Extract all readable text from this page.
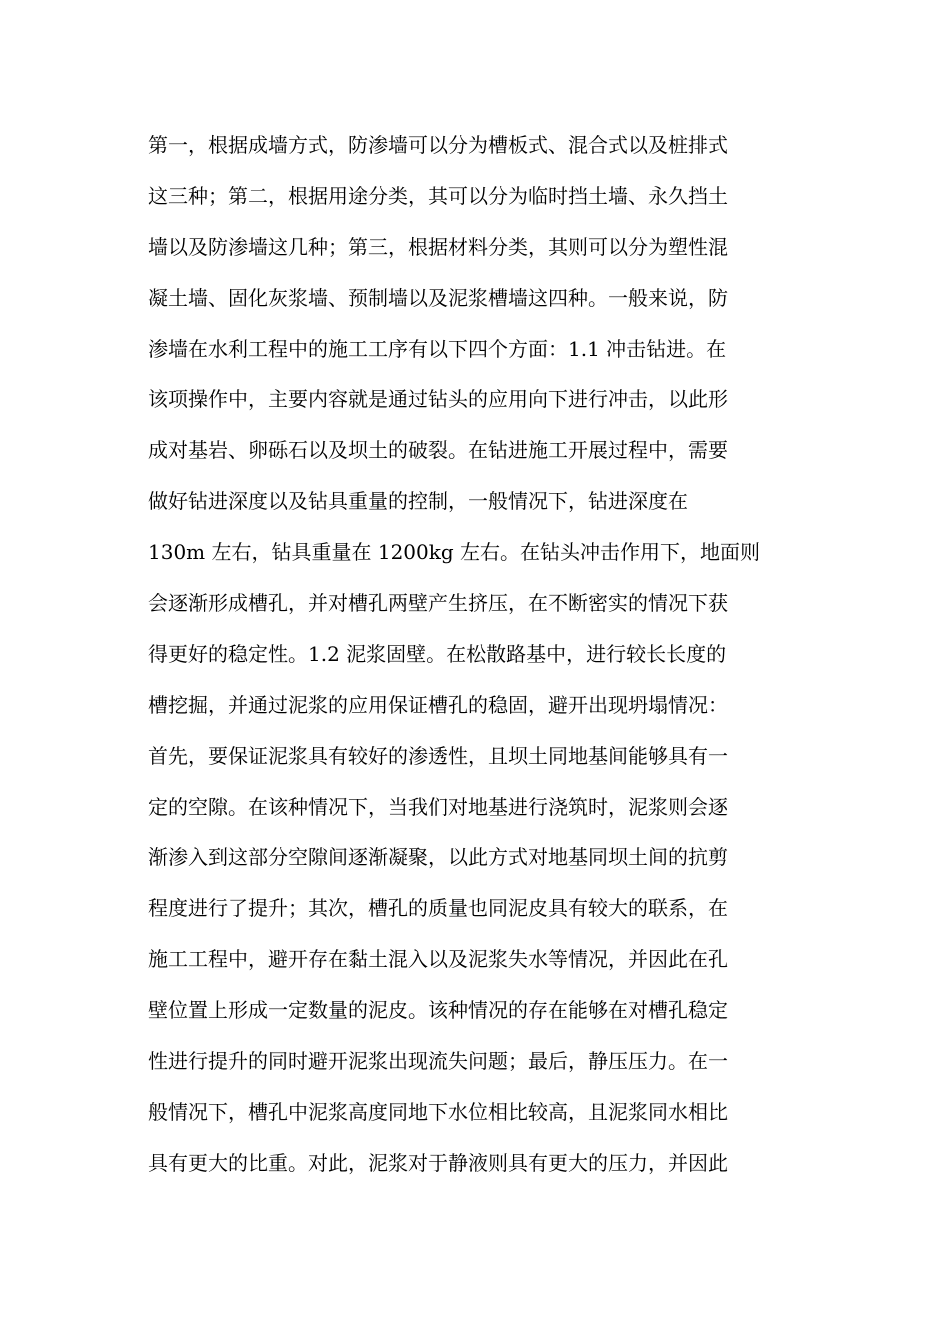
第一，根据成墙方式，防渗墙可以分为槽板式、混合式以及桩排式
这三种；第二，根据用途分类，其可以分为临时挡土墙、永久挡土
墙以及防渗墙这几种；第三，根据材料分类，其则可以分为塑性混
凝土墙、固化灰浆墙、预制墙以及泥浆槽墙这四种。一般来说，防
渗墙在水利工程中的施工工序有以下四个方面：1.1 冲击钻进。在
该项操作中，主要内容就是通过钻头的应用向下进行冲击，以此形
成对基岩、卵砾石以及坝土的破裂。在钻进施工开展过程中，需要
做好钻进深度以及钻具重量的控制，一般情况下，钻进深度在
130m 左右，钻具重量在 1200kg 左右。在钻头冲击作用下，地面则
会逐渐形成槽孔，并对槽孔两壁产生挤压，在不断密实的情况下获
得更好的稳定性。1.2 泥浆固壁。在松散路基中，进行较长长度的
槽挖掘，并通过泥浆的应用保证槽孔的稳固，避开出现坍塌情况：
首先，要保证泥浆具有较好的渗透性，且坝土同地基间能够具有一
定的空隙。在该种情况下，当我们对地基进行浇筑时，泥浆则会逐
渐渗入到这部分空隙间逐渐凝聚，以此方式对地基同坝土间的抗剪
程度进行了提升；其次，槽孔的质量也同泥皮具有较大的联系，在
施工工程中，避开存在黏土混入以及泥浆失水等情况，并因此在孔
壁位置上形成一定数量的泥皮。该种情况的存在能够在对槽孔稳定
性进行提升的同时避开泥浆出现流失问题；最后，静压压力。在一
般情况下，槽孔中泥浆高度同地下水位相比较高，且泥浆同水相比
具有更大的比重。对此，泥浆对于静液则具有更大的压力，并因此
